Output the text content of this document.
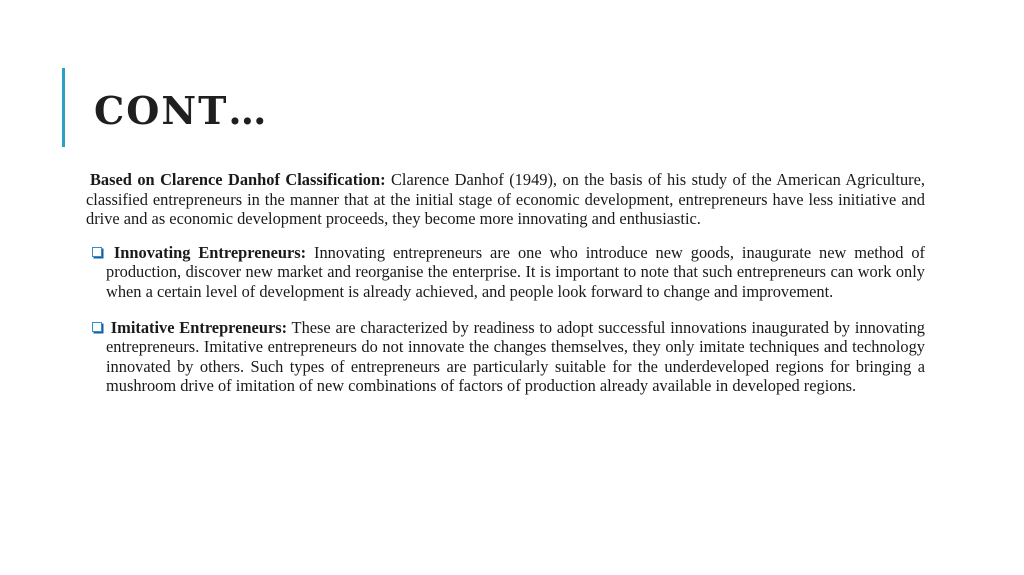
CONT…

Based on Clarence Danhof Classification: Clarence Danhof (1949), on the basis of his study of the American Agriculture, classified entrepreneurs in the manner that at the initial stage of economic development, entrepreneurs have less initiative and drive and as economic development proceeds, they become more innovating and enthusiastic.

Innovating Entrepreneurs: Innovating entrepreneurs are one who introduce new goods, inaugurate new method of production, discover new market and reorganise the enterprise. It is important to note that such entrepreneurs can work only when a certain level of development is already achieved, and people look forward to change and improvement.

Imitative Entrepreneurs: These are characterized by readiness to adopt successful innovations inaugurated by innovating entrepreneurs. Imitative entrepreneurs do not innovate the changes themselves, they only imitate techniques and technology innovated by others. Such types of entrepreneurs are particularly suitable for the underdeveloped regions for bringing a mushroom drive of imitation of new combinations of factors of production already available in developed regions.
